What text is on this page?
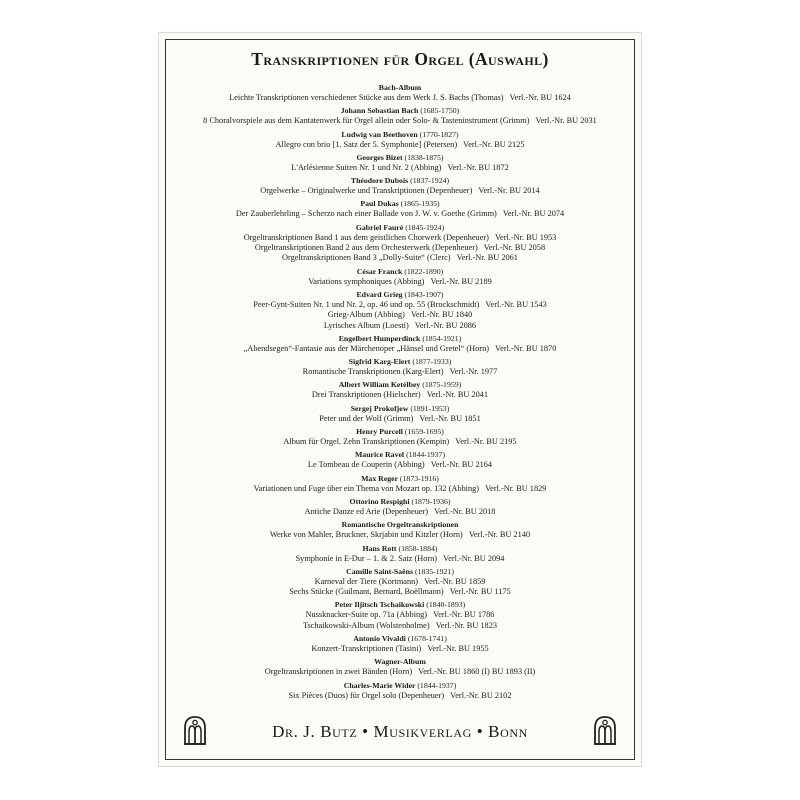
Transkriptionen für Orgel (Auswahl)
Bach-Album
Leichte Transkriptionen verschiedener Stücke aus dem Werk J. S. Bachs (Thomas)   Verl.-Nr. BU 1624
Johann Sebastian Bach (1685-1750)
8 Choralvorspiele aus dem Kantatenwerk für Orgel allein oder Solo- & Tasteninstrument (Grimm)   Verl.-Nr. BU 2031
Ludwig van Beethoven (1770-1827)
Allegro con brio [1. Satz der 5. Symphonie] (Petersen)   Verl.-Nr. BU 2125
Georges Bizet (1838-1875)
L'Arlésienne Suiten Nr. 1 und Nr. 2 (Abbing)   Verl.-Nr. BU 1872
Théodore Dubois (1837-1924)
Orgelwerke – Originalwerke und Transkriptionen (Depenheuer)   Verl.-Nr. BU 2014
Paul Dukas (1865-1935)
Der Zauberlehrling – Scherzo nach einer Ballade von J. W. v. Goethe (Grimm)   Verl.-Nr. BU 2074
Gabriel Fauré (1845-1924)
Orgeltranskriptionen Band 1 aus dem geistlichen Chorwerk (Depenheuer)   Verl.-Nr. BU 1953
Orgeltranskriptionen Band 2 aus dem Orchesterwerk (Depenheuer)   Verl.-Nr. BU 2058
Orgeltranskriptionen Band 3 „Dolly-Suite“ (Clerc)   Verl.-Nr. BU 2061
César Franck (1822-1890)
Variations symphoniques (Abbing)   Verl.-Nr. BU 2189
Edvard Grieg (1843-1907)
Peer-Gynt-Suiten Nr. 1 und Nr. 2, op. 46 und op. 55 (Brockschmidt)   Verl.-Nr. BU 1543
Grieg-Album (Abbing)   Verl.-Nr. BU 1840
Lyrisches Album (Loesti)   Verl.-Nr. BU 2086
Engelbert Humperdinck (1854-1921)
„Abendsegen“-Fantasie aus der Märchenoper „Hänsel und Gretel“ (Horn)   Verl.-Nr. BU 1870
Sigfrid Karg-Elert (1877-1933)
Romantische Transkriptionen (Karg-Elert)   Verl.-Nr. 1977
Albert William Ketèlbey (1875-1959)
Drei Transkriptionen (Hielscher)   Verl.-Nr. BU 2041
Sergej Prokofjew (1891-1953)
Peter und der Wolf (Grimm)   Verl.-Nr. BU 1851
Henry Purcell (1659-1695)
Album für Orgel. Zehn Transkriptionen (Kempin)   Verl.-Nr. BU 2195
Maurice Ravel (1844-1937)
Le Tombeau de Couperin (Abbing)   Verl.-Nr. BU 2164
Max Reger (1873-1916)
Variationen und Fuge über ein Thema von Mozart op. 132 (Abbing)   Verl.-Nr. BU 1829
Ottorino Respighi (1879-1936)
Antiche Danze ed Arie (Depenheuer)   Verl.-Nr. BU 2018
Romantische Orgeltranskriptionen
Werke von Mahler, Bruckner, Skrjabin und Kitzler (Horn)   Verl.-Nr. BU 2140
Hans Rott (1858-1884)
Symphonie in E-Dur – 1. & 2. Satz (Horn)   Verl.-Nr. BU 2094
Camille Saint-Saëns (1835-1921)
Karneval der Tiere (Kortmann)   Verl.-Nr. BU 1859
Sechs Stücke (Guilmant, Bernard, Boëllmann)   Verl.-Nr. BU 1175
Peter Iljitsch Tschaikowski (1840-1893)
Nussknacker-Suite op. 71a (Abbing)   Verl.-Nr. BU 1786
Tschaikowski-Album (Wolstenholme)   Verl.-Nr. BU 1823
Antonio Vivaldi (1678-1741)
Konzert-Transkriptionen (Tasini)   Verl.-Nr. BU 1955
Wagner-Album
Orgeltranskriptionen in zwei Bänden (Horn)   Verl.-Nr. BU 1860 (I) BU 1893 (II)
Charles-Marie Wider (1844-1937)
Six Pièces (Duos) für Orgel solo (Depenheuer)   Verl.-Nr. BU 2102
Dr. J. Butz • Musikverlag • Bonn
